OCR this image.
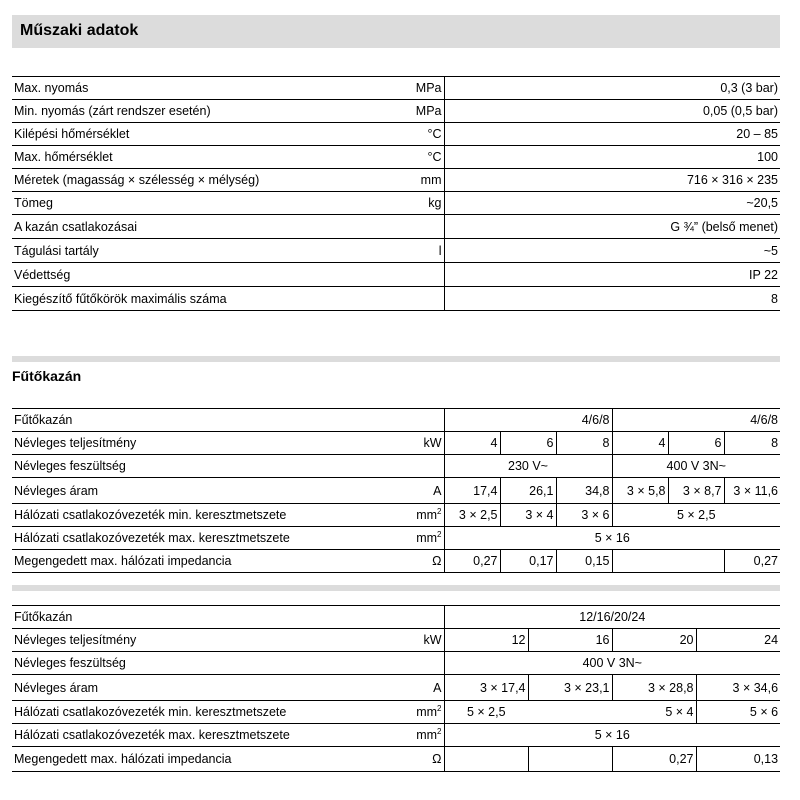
Műszaki adatok
Max. nyomás	MPa	0,3 (3 bar)
Min. nyomás (zárt rendszer esetén)	MPa	0,05 (0,5 bar)
Kilépési hőmérséklet	°C	20 – 85
Max. hőmérséklet	°C	100
Méretek (magasság × szélesség × mélység)	mm	716 × 316 × 235
Tömeg	kg	~20,5
A kazán csatlakozásai		G ¾” (belső menet)
Tágulási tartály	l	~5
Védettség		IP 22
Kiegészítő fűtőkörök maximális száma		8
Fűtőkazán
Fűtőkazán		4/6/8			4/6/8		
Névleges teljesítmény	kW	4	6	8	4	6	8
Névleges feszültség		230 V~			400 V 3N~		
Névleges áram	A	17,4	26,1	34,8	3 × 5,8	3 × 8,7	3 × 11,6
Hálózati csatlakozóvezeték min. keresztmetszete	$mm^2$	3 × 2,5	3 × 4	3 × 6	5 × 2,5		
Hálózati csatlakozóvezeték max. keresztmetszete	$mm^2$	5 × 16					
Megengedett max. hálózati impedancia	Ω	0,27	0,17	0,15			0,27
Fűtőkazán		12/16/20/24			
Névleges teljesítmény	kW	12	16	20	24
Névleges feszültség		400 V 3N~			
Névleges áram	A	3 × 17,4	3 × 23,1	3 × 28,8	3 × 34,6
Hálózati csatlakozóvezeték min. keresztmetszete	$mm^2$	5 × 2,5	5 × 4		5 × 6
Hálózati csatlakozóvezeték max. keresztmetszete	$mm^2$	5 × 16			
Megengedett max. hálózati impedancia	Ω			0,27	0,13
